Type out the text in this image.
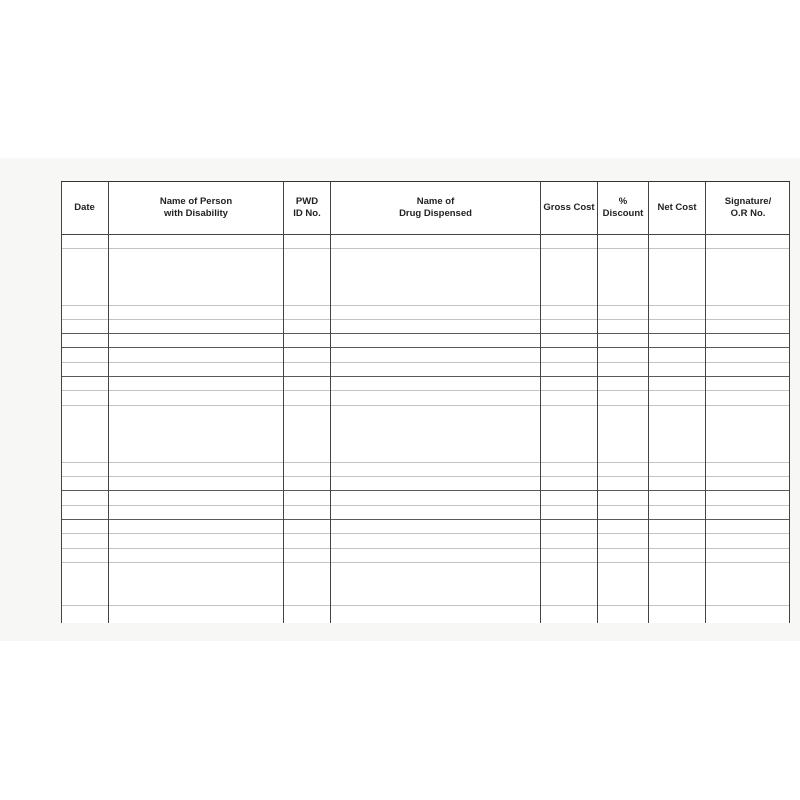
Date
Name of Person
with Disability
PWD
ID No.
Name of
Drug Dispensed
Gross Cost
%
Discount
Net Cost
Signature/
O.R No.
